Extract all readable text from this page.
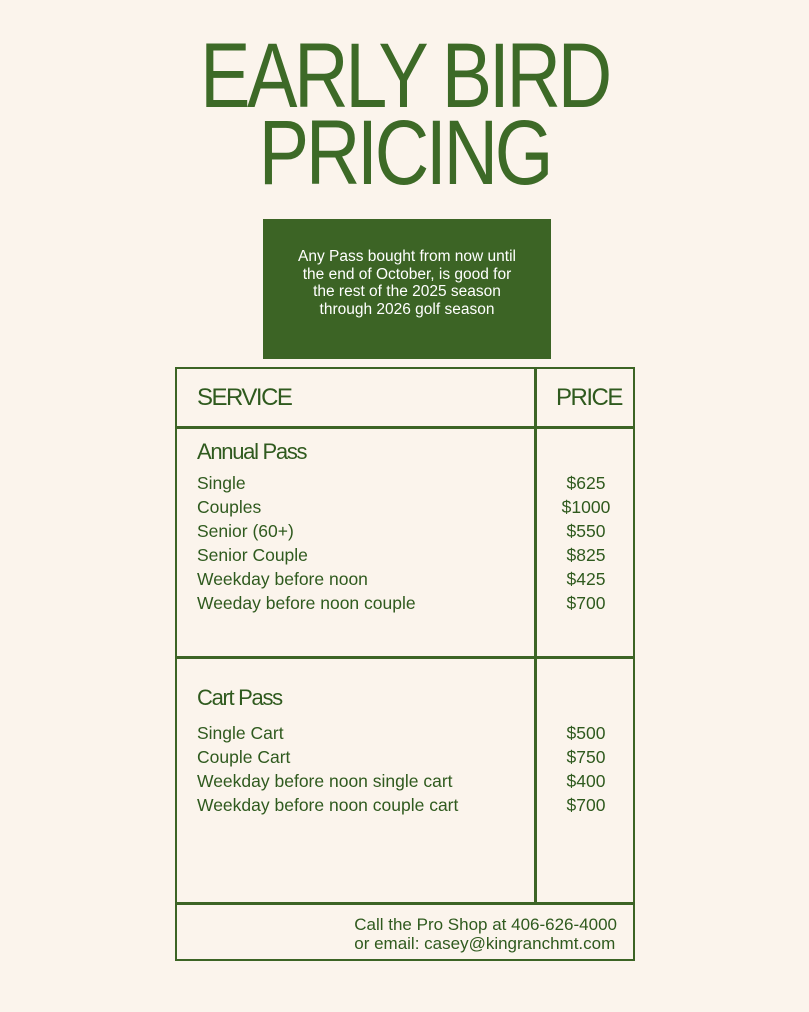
EARLY BIRD
PRICING
Any Pass bought from now until the end of October, is good for the rest of the 2025 season through 2026 golf season
SERVICE	PRICE
Annual Pass
Single
Couples
Senior (60+)
Senior Couple
Weekday before noon
Weeday before noon couple
$625
$1000
$550
$825
$425
$700
Cart Pass
Single Cart
Couple Cart
Weekday before noon single cart
Weekday before noon couple cart
$500
$750
$400
$700
Call the Pro Shop at 406-626-4000
or email: casey@kingranchmt.com
